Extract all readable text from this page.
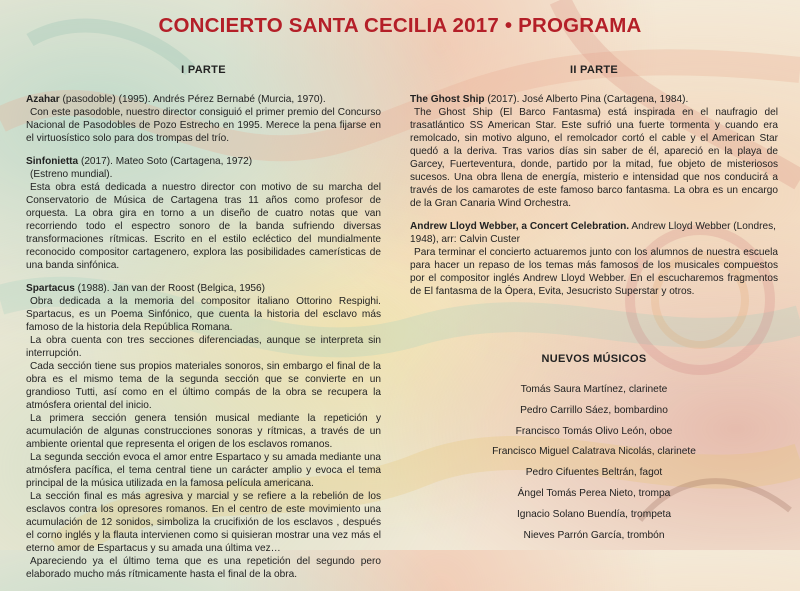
CONCIERTO SANTA CECILIA 2017 • PROGRAMA
I PARTE

Azahar (pasodoble) (1995). Andrés Pérez Bernabé (Murcia, 1970).

Con este pasodoble, nuestro director consiguió el primer premio del Concurso Nacional de Pasodobles de Pozo Estrecho en 1995. Merece la pena fijarse en el virtuosístico solo para dos trompas del trío.

Sinfonietta (2017). Mateo Soto (Cartagena, 1972)

(Estreno mundial).

Esta obra está dedicada a nuestro director con motivo de su marcha del Conservatorio de Música de Cartagena tras 11 años como profesor de orquesta. La obra gira en torno a un diseño de cuatro notas que van recorriendo todo el espectro sonoro de la banda sufriendo diversas transformaciones rítmicas. Escrito en el estilo ecléctico del mundialmente reconocido compositor cartagenero, explora las posibilidades camerísticas de una banda sinfónica.

Spartacus (1988). Jan van der Roost (Belgica, 1956)

Obra dedicada a la memoria del compositor italiano Ottorino Respighi. Spartacus, es un Poema Sinfónico, que cuenta la historia del esclavo más famoso de la historia dela República Romana.

La obra cuenta con tres secciones diferenciadas, aunque se interpreta sin interrupción.

Cada sección tiene sus propios materiales sonoros, sin embargo el final de la obra es el mismo tema de la segunda sección que se convierte en un grandioso Tutti, así como en el último compás de la obra se recupera la atmósfera oriental del inicio.

La primera sección genera tensión musical mediante la repetición y acumulación de algunas construcciones sonoras y rítmicas, a través de un ambiente oriental que representa el origen de los esclavos romanos.

La segunda sección evoca el amor entre Espartaco y su amada mediante una atmósfera pacífica, el tema central tiene un carácter amplio y evoca el tema principal de la música utilizada en la famosa película americana.

La sección final es más agresiva y marcial y se refiere a la rebelión de los esclavos contra los opresores romanos. En el centro de este movimiento una acumulación de 12 sonidos, simboliza la crucifixión de los esclavos , después el corno inglés y la flauta intervienen como si quisieran mostrar una vez más el eterno amor de Espartacus y su amada una última vez…

Apareciendo ya el último tema que es una repetición del segundo pero elaborado mucho más rítmicamente hasta el final de la obra.

II PARTE

The Ghost Ship (2017). José Alberto Pina (Cartagena, 1984).

The Ghost Ship (El Barco Fantasma) está inspirada en el naufragio del trasatlántico SS American Star. Este sufrió una fuerte tormenta y cuando era remolcado, sin motivo alguno, el remolcador cortó el cable y el American Star quedó a la deriva. Tras varios días sin saber de él, apareció en la playa de Garcey, Fuerteventura, donde, partido por la mitad, fue objeto de misteriosos sucesos. Una obra llena de energía, misterio e intensidad que nos conducirá a través de los camarotes de este famoso barco fantasma. La obra es un encargo de la Gran Canaria Wind Orchestra.

Andrew Lloyd Webber, a Concert Celebration. Andrew Lloyd Webber (Londres, 1948), arr: Calvin Custer

Para terminar el concierto actuaremos junto con los alumnos de nuestra escuela para hacer un repaso de los temas más famosos de los musicales compuestos por el compositor inglés Andrew Lloyd Webber. En el escucharemos fragmentos de El fantasma de la Ópera, Evita, Jesucristo Superstar y otros.

NUEVOS MÚSICOS

Tomás Saura Martínez, clarinete

Pedro Carrillo Sáez, bombardino

Francisco Tomás Olivo León, oboe

Francisco Miguel Calatrava Nicolás, clarinete

Pedro Cifuentes Beltrán, fagot

Ángel Tomás Perea Nieto, trompa

Ignacio Solano Buendía, trompeta

Nieves Parrón García, trombón
